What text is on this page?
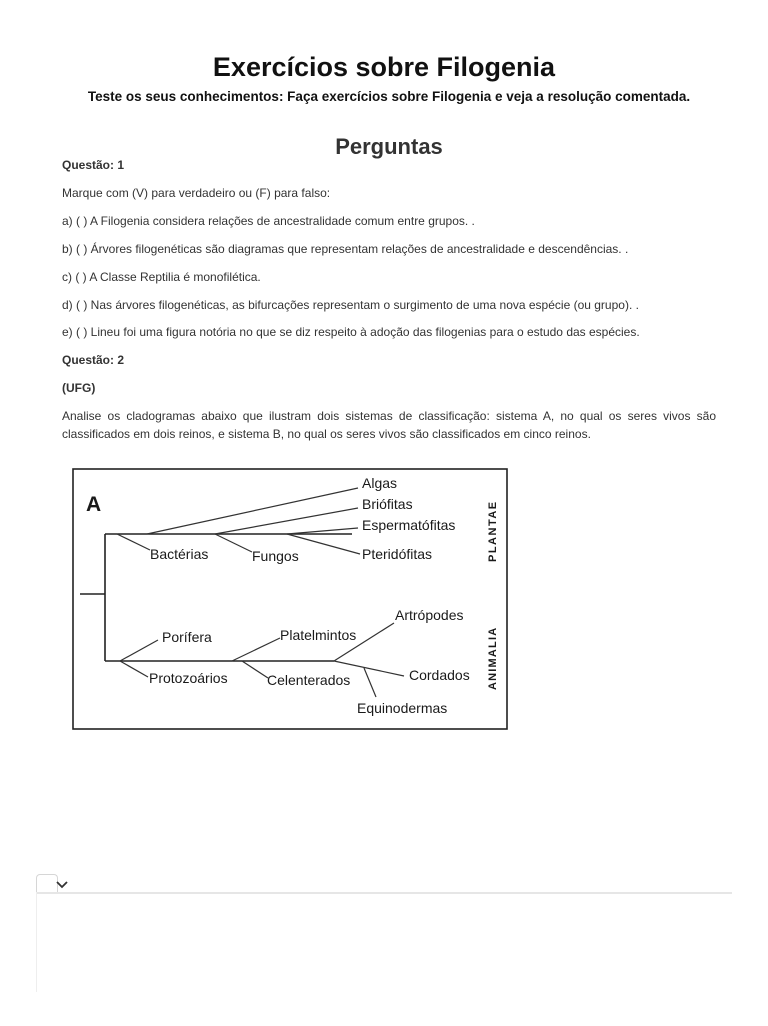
Exercícios sobre Filogenia

Teste os seus conhecimentos: Faça exercícios sobre Filogenia e veja a resolução comentada.

Perguntas

Questão: 1

Marque com (V) para verdadeiro ou (F) para falso:

a) ( ) A Filogenia considera relações de ancestralidade comum entre grupos. .

b) ( ) Árvores filogenéticas são diagramas que representam relações de ancestralidade e descendências. .

c) ( ) A Classe Reptilia é monofilética.

d) ( ) Nas árvores filogenéticas, as bifurcações representam o surgimento de uma nova espécie (ou grupo). .

e) ( ) Lineu foi uma figura notória no que se diz respeito à adoção das filogenias para o estudo das espécies.

Questão: 2

(UFG)

Analise os cladogramas abaixo que ilustram dois sistemas de classificação: sistema A, no qual os seres vivos são classificados em dois reinos, e sistema B, no qual os seres vivos são classificados em cinco reinos.

A
Algas
Briófitas
Espermatófitas
Pteridófitas
Bactérias	Fungos
Porífera
Protozoários
Platelmintos
Celenterados
Artrópodes
Cordados
Equinodermas
PLANTAE
ANIMALIA
